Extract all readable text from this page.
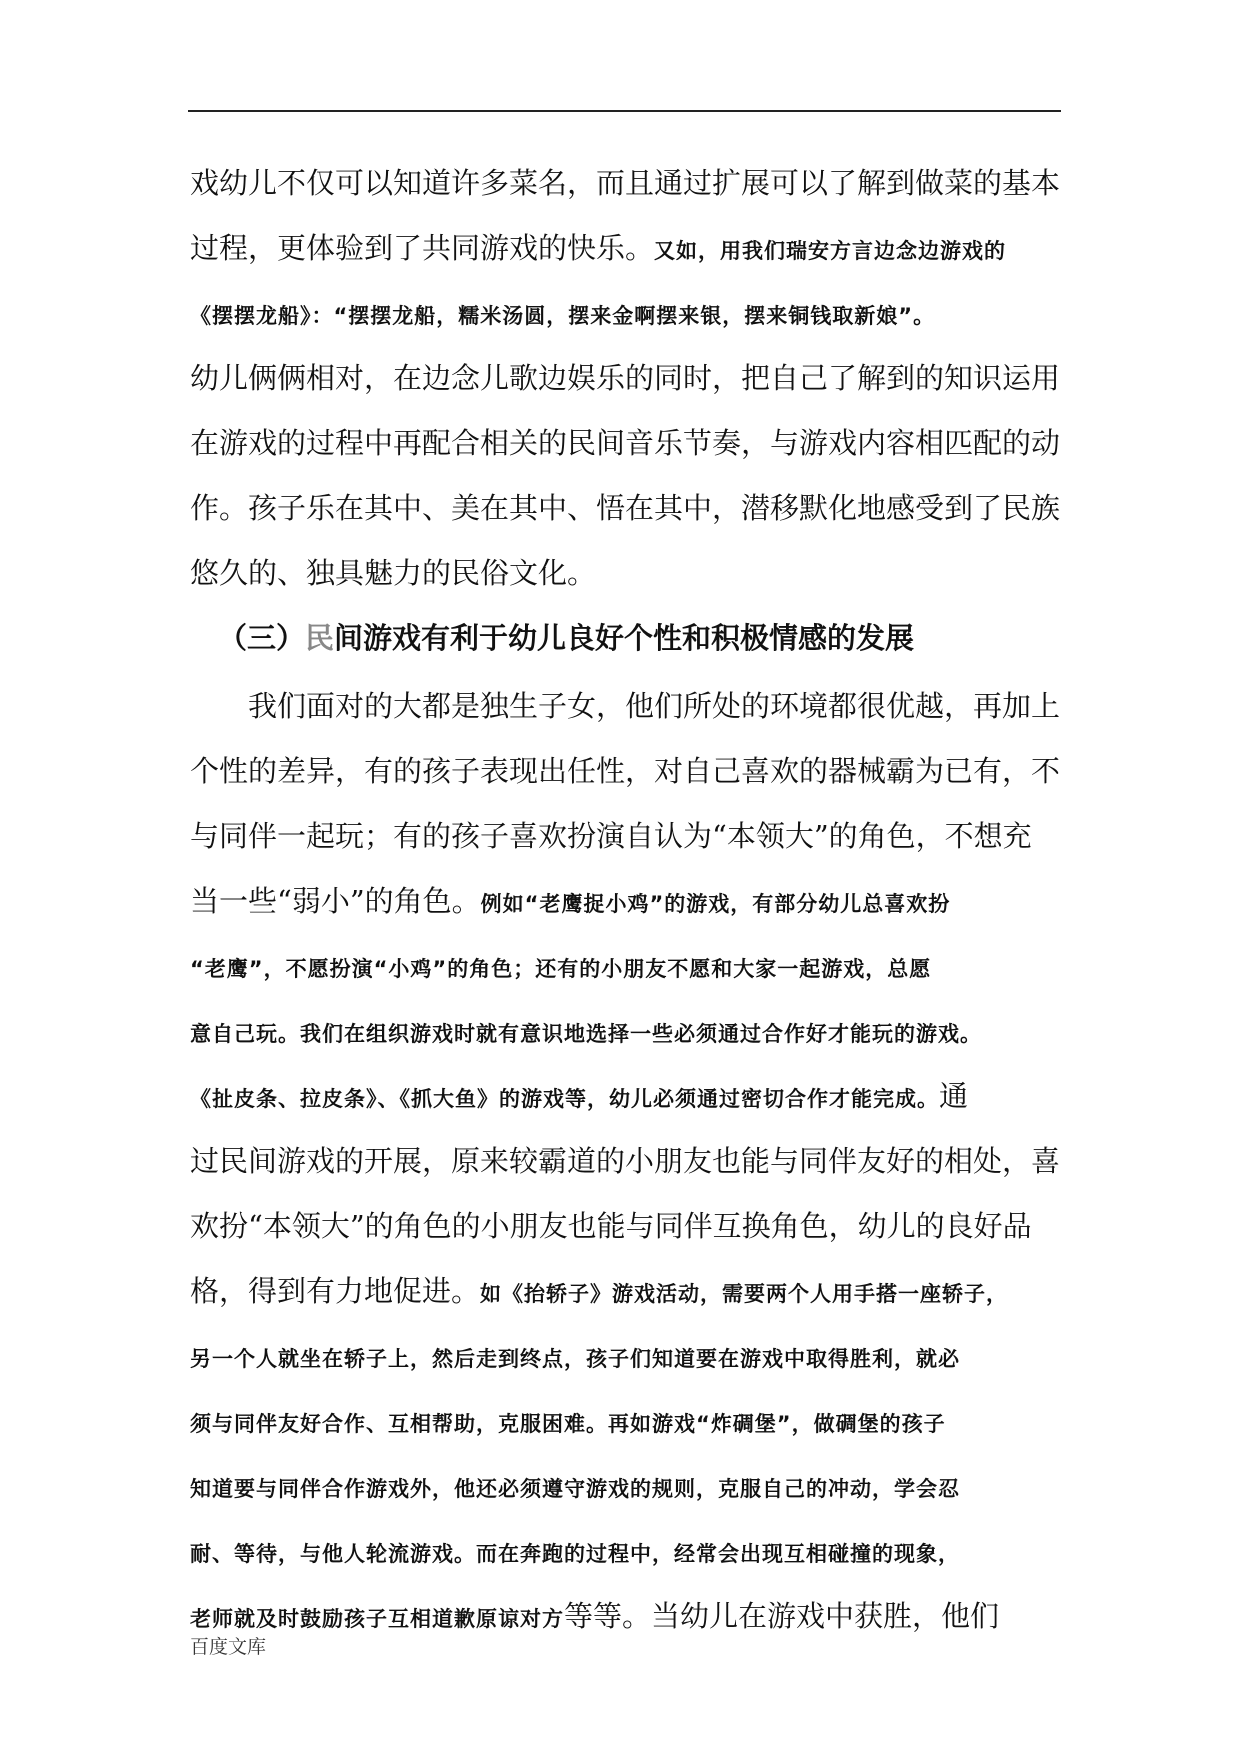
戏幼儿不仅可以知道许多菜名，而且通过扩展可以了解到做菜的基本
过程，更体验到了共同游戏的快乐。又如，用我们瑞安方言边念边游戏的
《摆摆龙船》：“摆摆龙船，糯米汤圆，摆来金啊摆来银，摆来铜钱取新娘”。
幼儿俩俩相对，在边念儿歌边娱乐的同时，把自己了解到的知识运用
在游戏的过程中再配合相关的民间音乐节奏，与游戏内容相匹配的动
作。孩子乐在其中、美在其中、悟在其中，潜移默化地感受到了民族
悠久的、独具魅力的民俗文化。
（三）民间游戏有利于幼儿良好个性和积极情感的发展
我们面对的大都是独生子女，他们所处的环境都很优越，再加上
个性的差异，有的孩子表现出任性，对自己喜欢的器械霸为已有，不
与同伴一起玩；有的孩子喜欢扮演自认为“本领大”的角色，不想充
当一些“弱小”的角色。例如“老鹰捉小鸡”的游戏，有部分幼儿总喜欢扮
“老鹰”，不愿扮演“小鸡”的角色；还有的小朋友不愿和大家一起游戏，总愿
意自己玩。我们在组织游戏时就有意识地选择一些必须通过合作好才能玩的游戏。
《扯皮条、拉皮条》、《抓大鱼》的游戏等，幼儿必须通过密切合作才能完成。通
过民间游戏的开展，原来较霸道的小朋友也能与同伴友好的相处，喜
欢扮“本领大”的角色的小朋友也能与同伴互换角色，幼儿的良好品
格，得到有力地促进。如《抬轿子》游戏活动，需要两个人用手搭一座轿子，
另一个人就坐在轿子上，然后走到终点，孩子们知道要在游戏中取得胜利，就必
须与同伴友好合作、互相帮助，克服困难。再如游戏“炸碉堡”，做碉堡的孩子
知道要与同伴合作游戏外，他还必须遵守游戏的规则，克服自己的冲动，学会忍
耐、等待，与他人轮流游戏。而在奔跑的过程中，经常会出现互相碰撞的现象，
老师就及时鼓励孩子互相道歉原谅对方等等。当幼儿在游戏中获胜，他们
百度文库
